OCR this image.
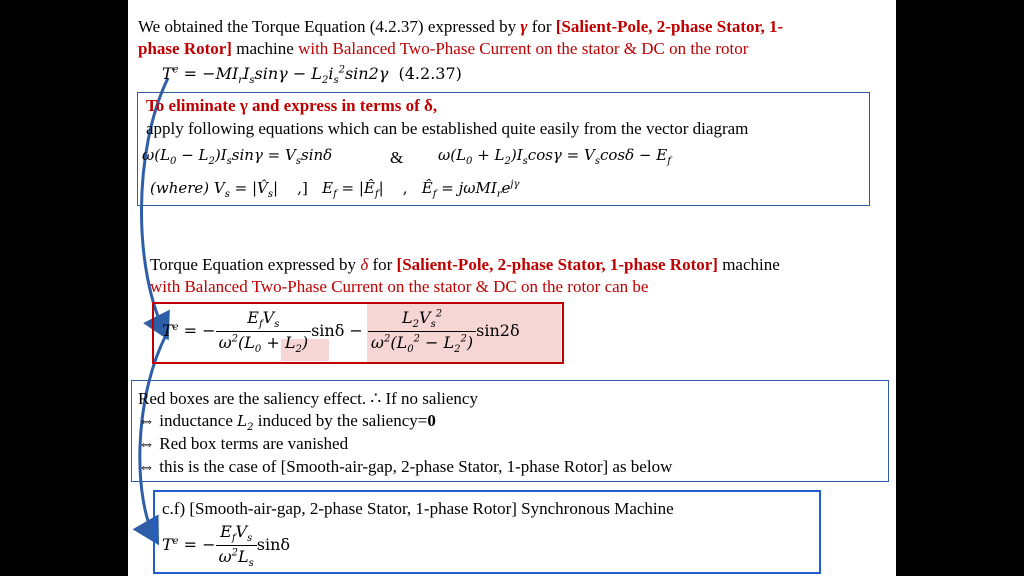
We obtained the Torque Equation (4.2.37) expressed by γ for [Salient-Pole, 2-phase Stator, 1-
phase Rotor] machine with Balanced Two-Phase Current on the stator & DC on the rotor
$T^e = -MI_rI_s\sin\gamma - L_2i_s^2\sin 2\gamma$  (4.2.37)
To eliminate γ and express in terms of δ,
apply following equations which can be established quite easily from the vector diagram
$\omega(L_0 - L_2)I_s\sin\gamma = V_s\sin\delta$	& $\omega(L_0 + L_2)I_s\cos\gamma = V_s\cos\delta - E_f$
(where) $V_s$ = $|V̂_s|$    ,]   $E_f$ = $|Ê_f|$    ,   $Ê_f = j\omega MI_re^{j\gamma}$
Torque Equation expressed by δ for [Salient-Pole, 2-phase Stator, 1-phase Rotor] machine
with Balanced Two-Phase Current on the stator & DC on the rotor can be
$T^e$ = − $\frac{E_fV_s}{\omega^2(L_0 + L_2)}$ $\sin\delta - \frac{L_2V_s^2}{\omega^2(L_0^2 - L_2^2)} \sin 2\delta$
Red boxes are the saliency effect. ∴ If no saliency
⇔ inductance $L_2$ induced by the saliency=0
⇔ Red box terms are vanished
⇔ this is the case of [Smooth-air-gap, 2-phase Stator, 1-phase Rotor] as below
c.f) [Smooth-air-gap, 2-phase Stator, 1-phase Rotor] Synchronous Machine
$T^e$ = − $\frac{E_fV_s}{\omega^2L_s}$ sinδ
